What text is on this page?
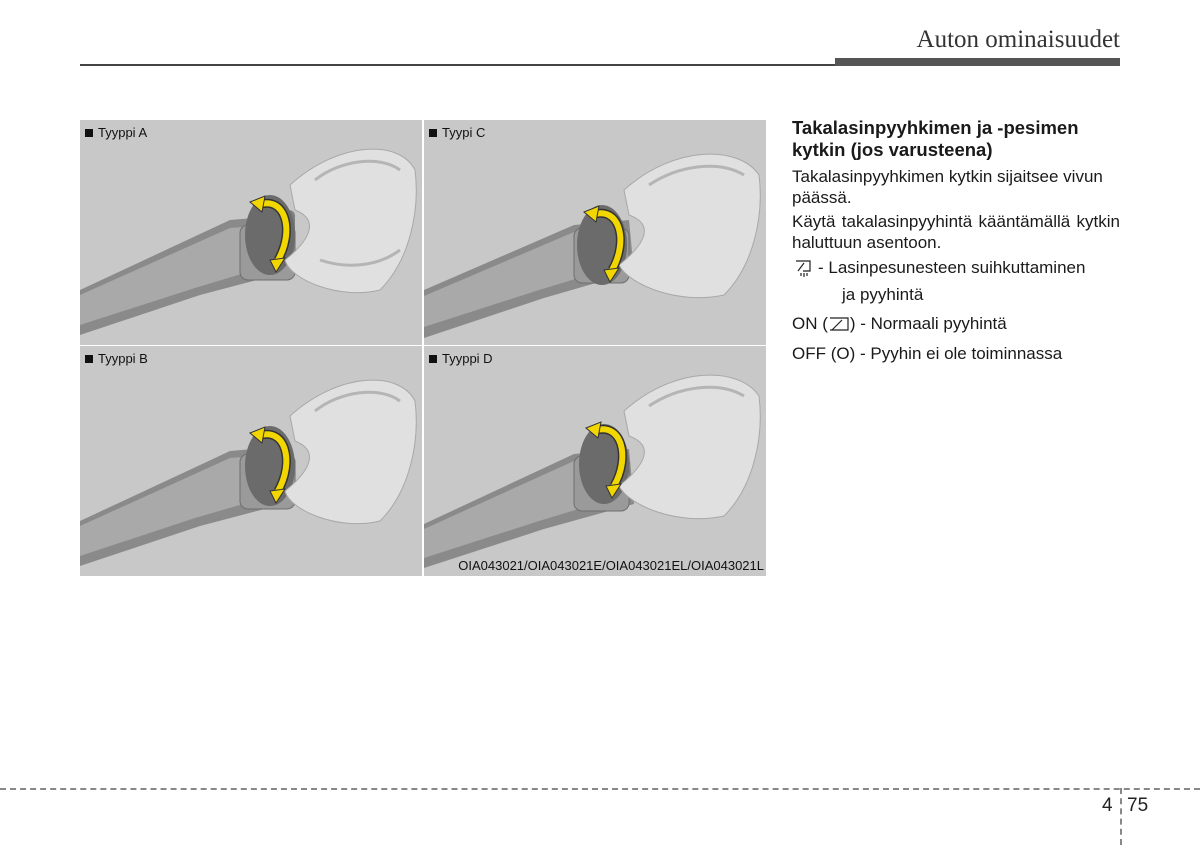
Auton ominaisuudet
Tyyppi A	Tyypi C
Tyyppi B	Tyyppi D
OIA043021/OIA043021E/OIA043021EL/OIA043021L
Takalasinpyyhkimen ja -pesimen kytkin (jos varusteena)
Takalasinpyyhkimen kytkin sijaitsee vivun päässä.
Käytä takalasinpyyhintä kääntämällä kytkin haluttuun asentoon.
- Lasinpesunesteen suihkuttaminen
ja pyyhintä
ON ( ) - Normaali pyyhintä
OFF (O) - Pyyhin ei ole toiminnassa
4 75
